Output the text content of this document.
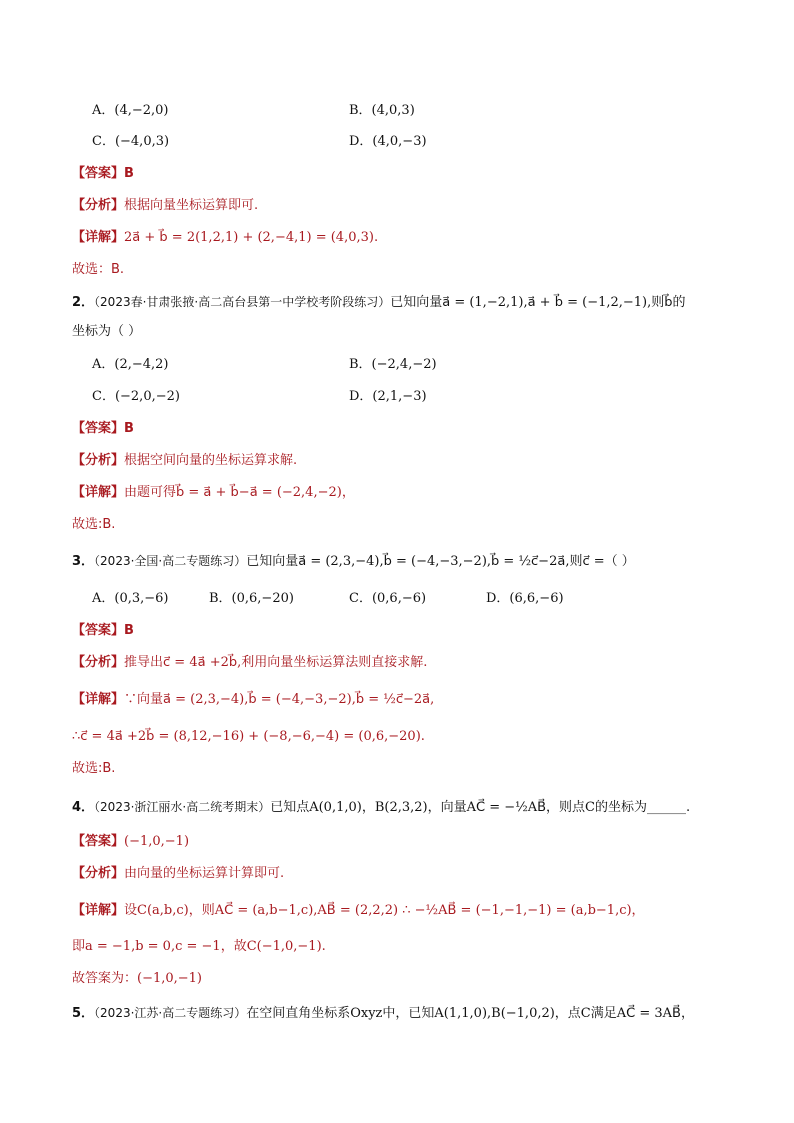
A．(4,−2,0)	B．(4,0,3)
C．(−4,0,3)	D．(4,0,−3)
【答案】B
【分析】根据向量坐标运算即可.
【详解】2a⃗ + b⃗ = 2(1,2,1) + (2,−4,1) = (4,0,3).
故选：B.
2．（2023春·甘肃张掖·高二高台县第一中学校考阶段练习）已知向量a⃗ = (1,−2,1),a⃗ + b⃗ = (−1,2,−1),则b⃗的
坐标为（ ）
A．(2,−4,2)	B．(−2,4,−2)
C．(−2,0,−2)	D．(2,1,−3)
【答案】B
【分析】根据空间向量的坐标运算求解.
【详解】由题可得b⃗ = a⃗ + b⃗−a⃗ = (−2,4,−2)，
故选:B.
3．（2023·全国·高二专题练习）已知向量a⃗ = (2,3,−4),b⃗ = (−4,−3,−2),b⃗ = ½c⃗−2a⃗,则c⃗ =（ ）
A．(0,3,−6)	B．(0,6,−20)	C．(0,6,−6)	D．(6,6,−6)
【答案】B
【分析】推导出c⃗ = 4a⃗ +2b⃗,利用向量坐标运算法则直接求解.
【详解】∵向量a⃗ = (2,3,−4),b⃗ = (−4,−3,−2),b⃗ = ½c⃗−2a⃗,
∴c⃗ = 4a⃗ +2b⃗ = (8,12,−16) + (−8,−6,−4) = (0,6,−20).
故选:B.
4．（2023·浙江丽水·高二统考期末）已知点A(0,1,0)，B(2,3,2)，向量AC⃗ = −½AB⃗，则点C的坐标为______.
【答案】(−1,0,−1)
【分析】由向量的坐标运算计算即可.
【详解】设C(a,b,c)，则AC⃗ = (a,b−1,c),AB⃗ = (2,2,2) ∴ −½AB⃗ = (−1,−1,−1) = (a,b−1,c)，
即a = −1,b = 0,c = −1，故C(−1,0,−1).
故答案为：(−1,0,−1)
5．（2023·江苏·高二专题练习）在空间直角坐标系Oxyz中，已知A(1,1,0),B(−1,0,2)，点C满足AC⃗ = 3AB⃗，
